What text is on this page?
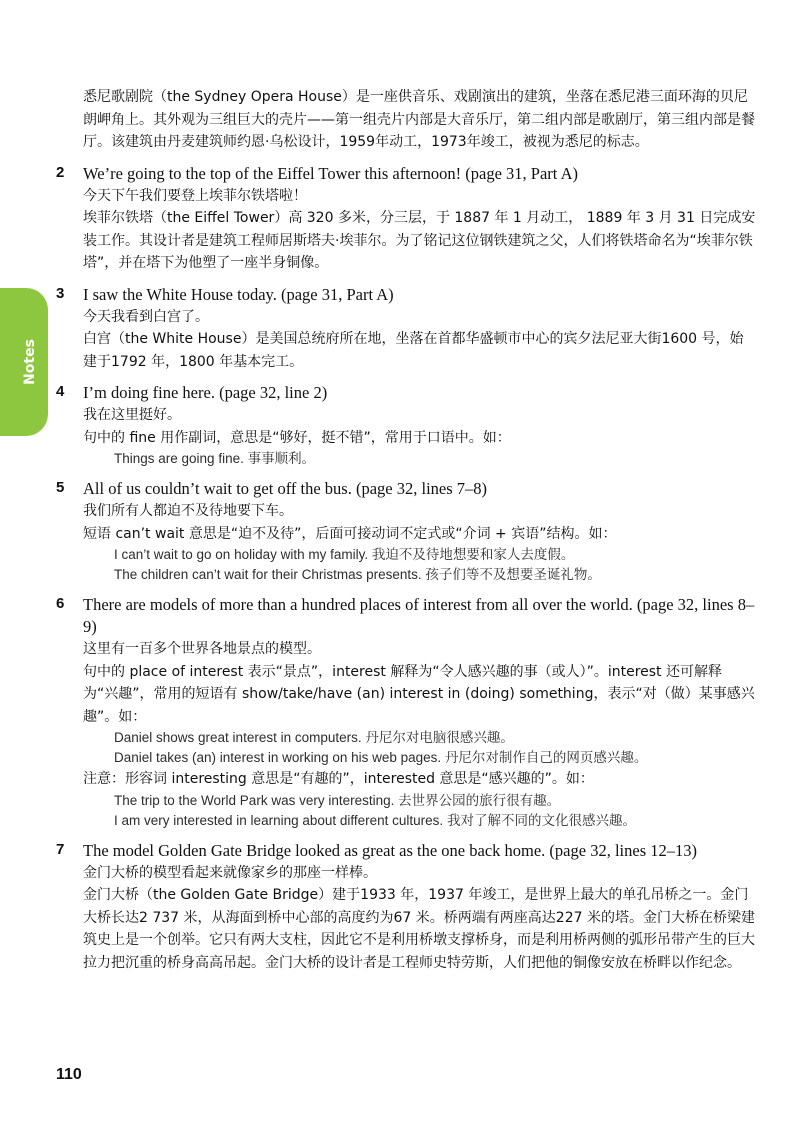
Notes
悉尼歌剧院（the Sydney Opera House）是一座供音乐、戏剧演出的建筑，坐落在悉尼港三面环海的贝尼朗岬角上。其外观为三组巨大的壳片——第一组壳片内部是大音乐厅，第二组内部是歌剧厅，第三组内部是餐厅。该建筑由丹麦建筑师约恩·乌松设计，1959年动工，1973年竣工，被视为悉尼的标志。
2 We’re going to the top of the Eiffel Tower this afternoon! (page 31, Part A)
今天下午我们要登上埃菲尔铁塔啦！
埃菲尔铁塔（the Eiffel Tower）高 320 多米，分三层，于 1887 年 1 月动工， 1889 年 3 月 31 日完成安装工作。其设计者是建筑工程师居斯塔夫·埃菲尔。为了铭记这位钢铁建筑之父，人们将铁塔命名为“埃菲尔铁塔”，并在塔下为他塑了一座半身铜像。
3 I saw the White House today. (page 31, Part A)
今天我看到白宫了。
白宫（the White House）是美国总统府所在地，坐落在首都华盛顿市中心的宾夕法尼亚大街1600 号，始建于1792 年，1800 年基本完工。
4 I’m doing fine here. (page 32, line 2)
我在这里挺好。
句中的 fine 用作副词，意思是“够好，挺不错”，常用于口语中。如：
Things are going fine. 事事顺利。
5 All of us couldn’t wait to get off the bus. (page 32, lines 7–8)
我们所有人都迫不及待地要下车。
短语 can’t wait 意思是“迫不及待”，后面可接动词不定式或“介词 + 宾语”结构。如：
I can’t wait to go on holiday with my family. 我迫不及待地想要和家人去度假。
The children can’t wait for their Christmas presents. 孩子们等不及想要圣诞礼物。
6 There are models of more than a hundred places of interest from all over the world. (page 32, lines 8–9)
这里有一百多个世界各地景点的模型。
句中的 place of interest 表示“景点”，interest 解释为“令人感兴趣的事（或人）”。interest 还可解释为“兴趣”，常用的短语有 show/take/have (an) interest in (doing) something，表示“对（做）某事感兴趣”。如：
Daniel shows great interest in computers. 丹尼尔对电脑很感兴趣。
Daniel takes (an) interest in working on his web pages. 丹尼尔对制作自己的网页感兴趣。
注意：形容词 interesting 意思是“有趣的”，interested 意思是“感兴趣的”。如：
The trip to the World Park was very interesting. 去世界公园的旅行很有趣。
I am very interested in learning about different cultures. 我对了解不同的文化很感兴趣。
7 The model Golden Gate Bridge looked as great as the one back home. (page 32, lines 12–13)
金门大桥的模型看起来就像家乡的那座一样棒。
金门大桥（the Golden Gate Bridge）建于1933 年，1937 年竣工，是世界上最大的单孔吊桥之一。金门大桥长达2 737 米，从海面到桥中心部的高度约为67 米。桥两端有两座高达227 米的塔。金门大桥在桥梁建筑史上是一个创举。它只有两大支柱，因此它不是利用桥墩支撑桥身，而是利用桥两侧的弧形吊带产生的巨大拉力把沉重的桥身高高吊起。金门大桥的设计者是工程师史特劳斯，人们把他的铜像安放在桥畔以作纪念。
110
